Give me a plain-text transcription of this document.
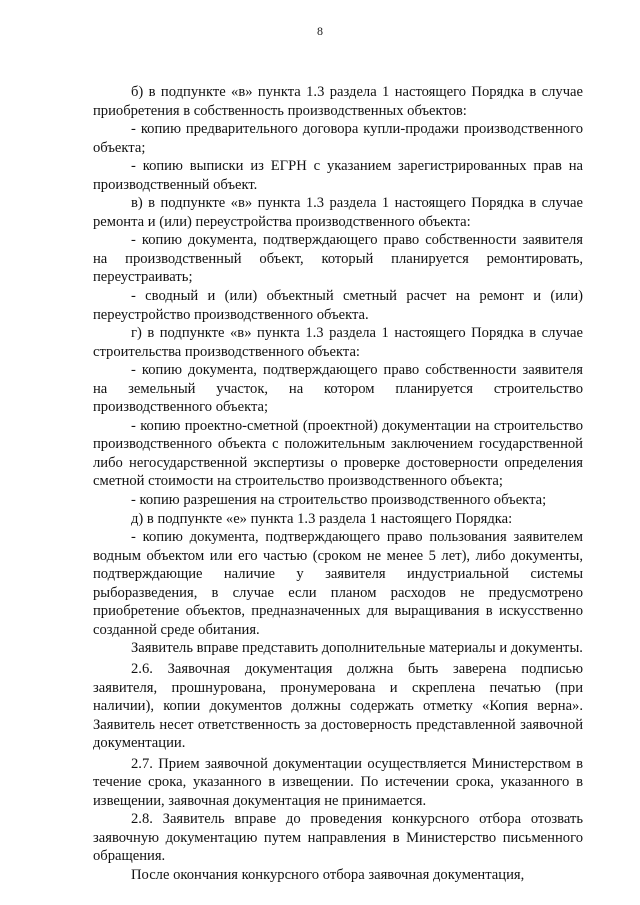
8

б) в подпункте «в» пункта 1.3 раздела 1 настоящего Порядка в случае приобретения в собственность производственных объектов:

- копию предварительного договора купли-продажи производственного объекта;

- копию выписки из ЕГРН с указанием зарегистрированных прав на производственный объект.

в) в подпункте «в» пункта 1.3 раздела 1 настоящего Порядка в случае ремонта и (или) переустройства производственного объекта:

- копию документа, подтверждающего право собственности заявителя на производственный объект, который планируется ремонтировать, переустраивать;

- сводный и (или) объектный сметный расчет на ремонт и (или) переустройство производственного объекта.

г) в подпункте «в» пункта 1.3 раздела 1 настоящего Порядка в случае строительства производственного объекта:

- копию документа, подтверждающего право собственности заявителя на земельный участок, на котором планируется строительство производственного объекта;

- копию проектно-сметной (проектной) документации на строительство производственного объекта с положительным заключением государственной либо негосударственной экспертизы о проверке достоверности определения сметной стоимости на строительство производственного объекта;

- копию разрешения на строительство производственного объекта;

д) в подпункте «е» пункта 1.3 раздела 1 настоящего Порядка:

- копию документа, подтверждающего право пользования заявителем водным объектом или его частью (сроком не менее 5 лет), либо документы, подтверждающие наличие у заявителя индустриальной системы рыборазведения, в случае если планом расходов не предусмотрено приобретение объектов, предназначенных для выращивания в искусственно созданной среде обитания.

Заявитель вправе представить дополнительные материалы и документы.

2.6. Заявочная документация должна быть заверена подписью заявителя, прошнурована, пронумерована и скреплена печатью (при наличии), копии документов должны содержать отметку «Копия верна». Заявитель несет ответственность за достоверность представленной заявочной документации.

2.7. Прием заявочной документации осуществляется Министерством в течение срока, указанного в извещении. По истечении срока, указанного в извещении, заявочная документация не принимается.

2.8. Заявитель вправе до проведения конкурсного отбора отозвать заявочную документацию путем направления в Министерство письменного обращения.

После окончания конкурсного отбора заявочная документация,
